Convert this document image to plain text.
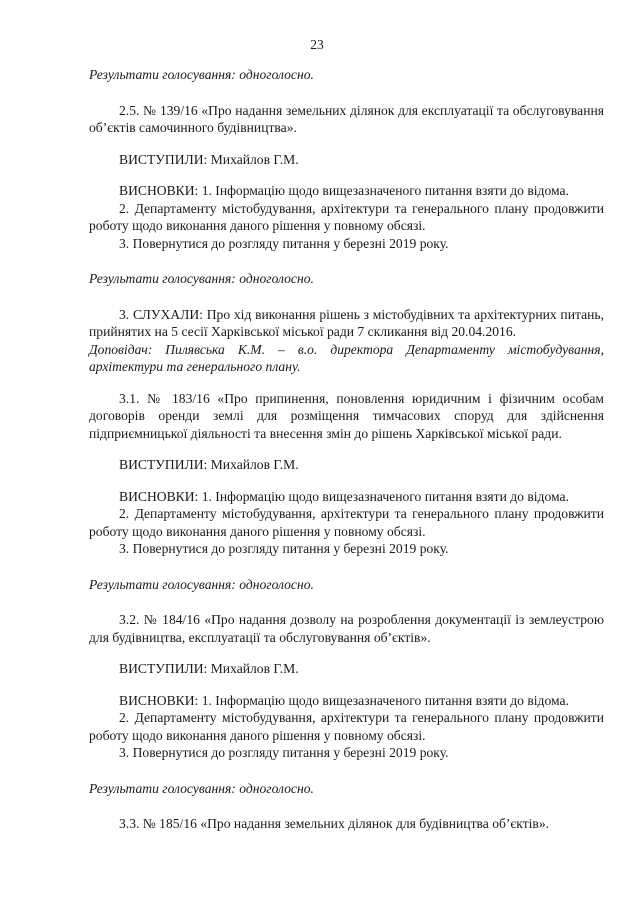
23

Результати голосування: одноголосно.

2.5. № 139/16 «Про надання земельних ділянок для експлуатації та обслуговування об’єктів самочинного будівництва».

ВИСТУПИЛИ: Михайлов Г.М.

ВИСНОВКИ: 1. Інформацію щодо вищезазначеного питання взяти до відома.

2. Департаменту містобудування, архітектури та генерального плану продовжити роботу щодо виконання даного рішення у повному обсязі.

3. Повернутися до розгляду питання у березні 2019 року.

Результати голосування: одноголосно.

3. СЛУХАЛИ: Про хід виконання рішень з містобудівних та архітектурних питань, прийнятих на 5 сесії Харківської міської ради 7 скликання від 20.04.2016.

Доповідач: Пилявська К.М. – в.о. директора Департаменту містобудування, архітектури та генерального плану.

3.1. № 183/16 «Про припинення, поновлення юридичним і фізичним особам договорів оренди землі для розміщення тимчасових споруд для здійснення підприємницької діяльності та внесення змін до рішень Харківської міської ради.

ВИСТУПИЛИ: Михайлов Г.М.

ВИСНОВКИ: 1. Інформацію щодо вищезазначеного питання взяти до відома.

2. Департаменту містобудування, архітектури та генерального плану продовжити роботу щодо виконання даного рішення у повному обсязі.

3. Повернутися до розгляду питання у березні 2019 року.

Результати голосування: одноголосно.

3.2. № 184/16 «Про надання дозволу на розроблення документації із землеустрою для будівництва, експлуатації та обслуговування об’єктів».

ВИСТУПИЛИ: Михайлов Г.М.

ВИСНОВКИ: 1. Інформацію щодо вищезазначеного питання взяти до відома.

2. Департаменту містобудування, архітектури та генерального плану продовжити роботу щодо виконання даного рішення у повному обсязі.

3. Повернутися до розгляду питання у березні 2019 року.

Результати голосування: одноголосно.

3.3. № 185/16 «Про надання земельних ділянок для будівництва об’єктів».
